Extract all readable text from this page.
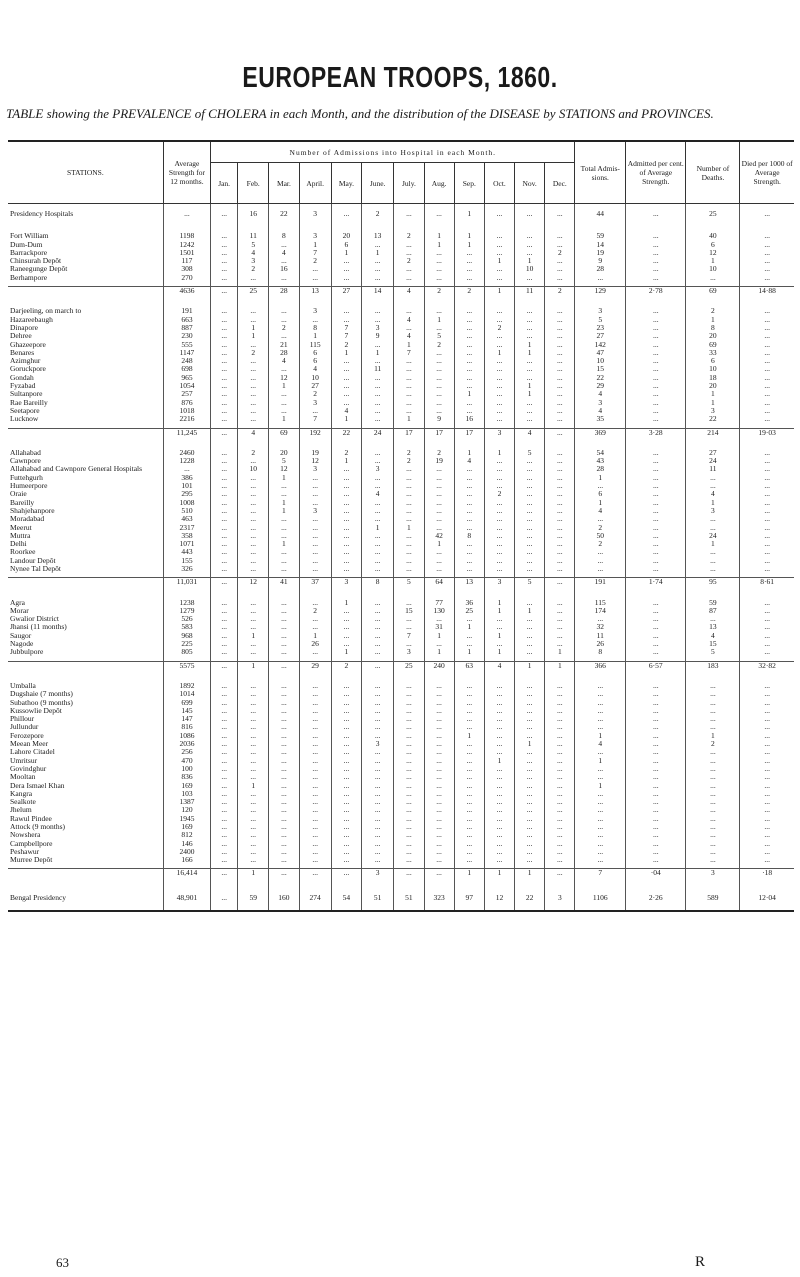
EUROPEAN TROOPS, 1860.
TABLE showing the PREVALENCE of CHOLERA in each Month, and the distribution of the DISEASE by STATIONS and PROVINCES.
STATIONS.	Average Strength for 12 months.	Number of Admissions into Hospital in each Month.												Total Admis-sions.	Admitted per cent. of Average Strength.	Number of Deaths.	Died per 1000 of Average Strength.
		Jan.	Feb.	Mar.	April.	May.	June.	July.	Aug.	Sep.	Oct.	Nov.	Dec.				

Presidency Hospitals	...	...	16	22	3	...	2	...	...	1	...	...	...	44	...	25	...

Fort William	1198	...	11	8	3	20	13	2	1	1	...	...	...	59	...	40	...
Dum-Dum	1242	...	5	...	1	6	...	...	1	1	...	...	...	14	...	6	...
Barrackpore	1501	...	4	4	7	1	1	...	...	...	...	...	2	19	...	12	...
Chinsurah Depôt	117	...	3	...	2	...	...	2	...	...	1	1	...	9	...	1	...
Raneegunge Depôt	308	...	2	16	...	...	...	...	...	...	...	10	...	28	...	10	...
Berhampore	270	...	...	...	...	...	...	...	...	...	...	...	...	...	...	...	...

	4636	...	25	28	13	27	14	4	2	2	1	11	2	129	2·78	69	14·88

Darjeeling, on march to	191	...	...	...	3	...	...	...	...	...	...	...	...	3	...	2	...
Hazareebaugh	663	...	...	...	...	...	...	4	1	...	...	...	...	5	...	1	...
Dinapore	887	...	1	2	8	7	3	...	...	...	2	...	...	23	...	8	...
Dehree	230	...	1	...	1	7	9	4	5	...	...	...	...	27	...	20	...
Ghazeepore	555	...	...	21	115	2	...	1	2	...	...	1	...	142	...	69	...
Benares	1147	...	2	28	6	1	1	7	...	...	1	1	...	47	...	33	...
Azimghur	248	...	...	4	6	...	...	...	...	...	...	...	...	10	...	6	...
Goruckpore	698	...	...	...	4	...	11	...	...	...	...	...	...	15	...	10	...
Gondah	965	...	...	12	10	...	...	...	...	...	...	...	...	22	...	18	...
Fyzabad	1054	...	...	1	27	...	...	...	...	...	...	1	...	29	...	20	...
Sultanpore	257	...	...	...	2	...	...	...	...	1	...	1	...	4	...	1	...
Rae Bareilly	876	...	...	...	3	...	...	...	...	...	...	...	...	3	...	1	...
Seetapore	1018	...	...	...	...	4	...	...	...	...	...	...	...	4	...	3	...
Lucknow	2216	...	...	1	7	1	...	1	9	16	...	...	...	35	...	22	...

	11,245	...	4	69	192	22	24	17	17	17	3	4	...	369	3·28	214	19·03

Allahabad	2460	...	2	20	19	2	...	2	2	1	1	5	...	54	...	27	...
Cawnpore	1228	...	...	5	12	1	...	2	19	4	...	...	...	43	...	24	...
Allahabad and Cawnpore General Hospitals	...	...	10	12	3	...	3	...	...	...	...	...	...	28	...	11	...
Futtehgurh	386	...	...	1	...	...	...	...	...	...	...	...	...	1	...	...	...
Humeerpore	101	...	...	...	...	...	...	...	...	...	...	...	...	...	...	...	...
Oraie	295	...	...	...	...	...	4	...	...	...	2	...	...	6	...	4	...
Bareilly	1008	...	...	1	...	...	...	...	...	...	...	...	...	1	...	1	...
Shahjehanpore	510	...	...	1	3	...	...	...	...	...	...	...	...	4	...	3	...
Moradabad	463	...	...	...	...	...	...	...	...	...	...	...	...	...	...	...	...
Meerut	2317	...	...	...	...	...	1	1	...	...	...	...	...	2	...	...	...
Muttra	358	...	...	...	...	...	...	...	42	8	...	...	...	50	...	24	...
Delhi	1071	...	...	1	...	...	...	...	1	...	...	...	...	2	...	1	...
Roorkee	443	...	...	...	...	...	...	...	...	...	...	...	...	...	...	...	...
Landour Depôt	155	...	...	...	...	...	...	...	...	...	...	...	...	...	...	...	...
Nynee Tal Depôt	326	...	...	...	...	...	...	...	...	...	...	...	...	...	...	...	...

	11,031	...	12	41	37	3	8	5	64	13	3	5	...	191	1·74	95	8·61

Agra	1238	...	...	...	...	1	...	...	77	36	1	...	...	115	...	59	...
Morar	1279	...	...	...	2	...	...	15	130	25	1	1	...	174	...	87	...
Gwalior District	526	...	...	...	...	...	...	...	...	...	...	...	...	...	...	...	...
Jhansi (11 months)	583	...	...	...	...	...	...	...	31	1	...	...	...	32	...	13	...
Saugor	968	...	1	...	1	...	...	7	1	...	1	...	...	11	...	4	...
Nagode	225	...	...	...	26	...	...	...	...	...	...	...	...	26	...	15	...
Jubbulpore	805	...	...	...	...	1	...	3	1	1	1	...	1	8	...	5	...

	5575	...	1	...	29	2	...	25	240	63	4	1	1	366	6·57	183	32·82

Umballa	1892	...	...	...	...	...	...	...	...	...	...	...	...	...	...	...	...
Dugshaie (7 months)	1014	...	...	...	...	...	...	...	...	...	...	...	...	...	...	...	...
Subathoo (9 months)	699	...	...	...	...	...	...	...	...	...	...	...	...	...	...	...	...
Kussowlie Depôt	145	...	...	...	...	...	...	...	...	...	...	...	...	...	...	...	...
Phillour	147	...	...	...	...	...	...	...	...	...	...	...	...	...	...	...	...
Jullundur	816	...	...	...	...	...	...	...	...	...	...	...	...	...	...	...	...
Ferozepore	1086	...	...	...	...	...	...	...	...	1	...	...	...	1	...	1	...
Meean Meer	2036	...	...	...	...	...	3	...	...	...	...	1	...	4	...	2	...
Lahore Citadel	256	...	...	...	...	...	...	...	...	...	...	...	...	...	...	...	...
Umritsur	470	...	...	...	...	...	...	...	...	...	1	...	...	1	...	...	...
Govindghur	100	...	...	...	...	...	...	...	...	...	...	...	...	...	...	...	...
Mooltan	836	...	...	...	...	...	...	...	...	...	...	...	...	...	...	...	...
Dera Ismael Khan	169	...	1	...	...	...	...	...	...	...	...	...	...	1	...	...	...
Kangra	103	...	...	...	...	...	...	...	...	...	...	...	...	...	...	...	...
Sealkote	1387	...	...	...	...	...	...	...	...	...	...	...	...	...	...	...	...
Jhelum	120	...	...	...	...	...	...	...	...	...	...	...	...	...	...	...	...
Rawul Pindee	1945	...	...	...	...	...	...	...	...	...	...	...	...	...	...	...	...
Attock (9 months)	169	...	...	...	...	...	...	...	...	...	...	...	...	...	...	...	...
Nowshera	812	...	...	...	...	...	...	...	...	...	...	...	...	...	...	...	...
Campbellpore	146	...	...	...	...	...	...	...	...	...	...	...	...	...	...	...	...
Peshawur	2400	...	...	...	...	...	...	...	...	...	...	...	...	...	...	...	...
Murree Depôt	166	...	...	...	...	...	...	...	...	...	...	...	...	...	...	...	...

	16,414	...	1	...	...	...	3	...	...	1	1	1	...	7	·04	3	·18

Bengal Presidency	48,901	...	59	160	274	54	51	51	323	97	12	22	3	1106	2·26	589	12·04

63	R
